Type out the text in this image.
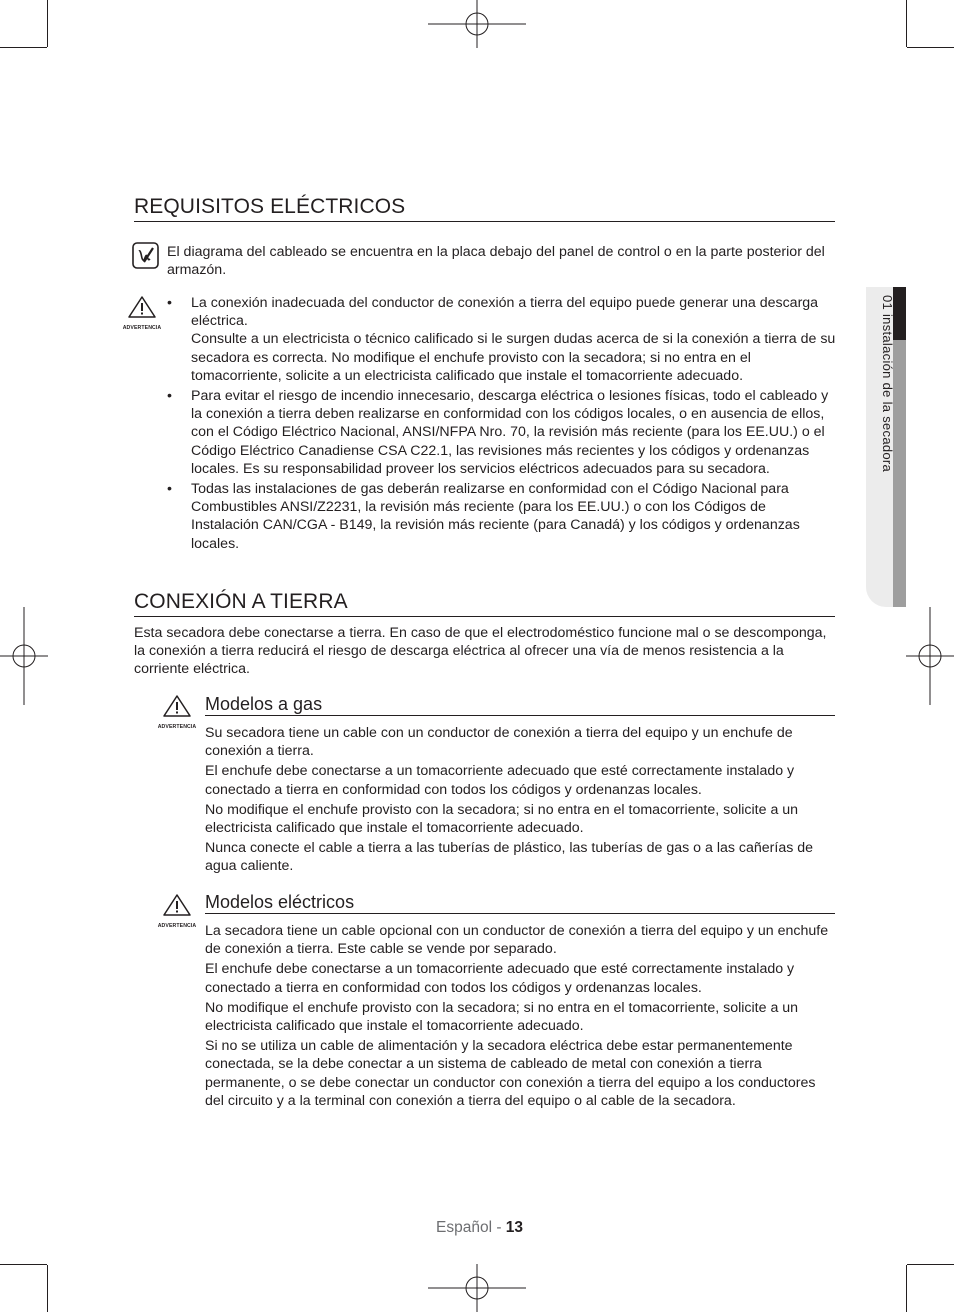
01 instalación de la secadora
REQUISITOS ELÉCTRICOS
El diagrama del cableado se encuentra en la placa debajo del panel de control o en la parte posterior del armazón.
ADVERTENCIA
• La conexión inadecuada del conductor de conexión a tierra del equipo puede generar una descarga eléctrica.
Consulte a un electricista o técnico calificado si le surgen dudas acerca de si la conexión a tierra de su secadora es correcta. No modifique el enchufe provisto con la secadora; si no entra en el tomacorriente, solicite a un electricista calificado que instale el tomacorriente adecuado.
• Para evitar el riesgo de incendio innecesario, descarga eléctrica o lesiones físicas, todo el cableado y la conexión a tierra deben realizarse en conformidad con los códigos locales, o en ausencia de ellos, con el Código Eléctrico Nacional, ANSI/NFPA Nro. 70, la revisión más reciente (para los EE.UU.) o el Código Eléctrico Canadiense CSA C22.1, las revisiones más recientes y los códigos y ordenanzas locales. Es su responsabilidad proveer los servicios eléctricos adecuados para su secadora.
• Todas las instalaciones de gas deberán realizarse en conformidad con el Código Nacional para Combustibles ANSI/Z2231, la revisión más reciente (para los EE.UU.) o con los Códigos de Instalación CAN/CGA - B149, la revisión más reciente (para Canadá) y los códigos y ordenanzas locales.
CONEXIÓN A TIERRA
Esta secadora debe conectarse a tierra. En caso de que el electrodoméstico funcione mal o se descomponga, la conexión a tierra reducirá el riesgo de descarga eléctrica al ofrecer una vía de menos resistencia a la corriente eléctrica.
ADVERTENCIA
Modelos a gas

Su secadora tiene un cable con un conductor de conexión a tierra del equipo y un enchufe de conexión a tierra.

El enchufe debe conectarse a un tomacorriente adecuado que esté correctamente instalado y conectado a tierra en conformidad con todos los códigos y ordenanzas locales.

No modifique el enchufe provisto con la secadora; si no entra en el tomacorriente, solicite a un electricista calificado que instale el tomacorriente adecuado.

Nunca conecte el cable a tierra a las tuberías de plástico, las tuberías de gas o a las cañerías de agua caliente.

ADVERTENCIA
Modelos eléctricos

La secadora tiene un cable opcional con un conductor de conexión a tierra del equipo y un enchufe de conexión a tierra. Este cable se vende por separado.

El enchufe debe conectarse a un tomacorriente adecuado que esté correctamente instalado y conectado a tierra en conformidad con todos los códigos y ordenanzas locales.

No modifique el enchufe provisto con la secadora; si no entra en el tomacorriente, solicite a un electricista calificado que instale el tomacorriente adecuado.

Si no se utiliza un cable de alimentación y la secadora eléctrica debe estar permanentemente conectada, se la debe conectar a un sistema de cableado de metal con conexión a tierra permanente, o se debe conectar un conductor con conexión a tierra del equipo a los conductores del circuito y a la terminal con conexión a tierra del equipo o al cable de la secadora.

Español - 13
